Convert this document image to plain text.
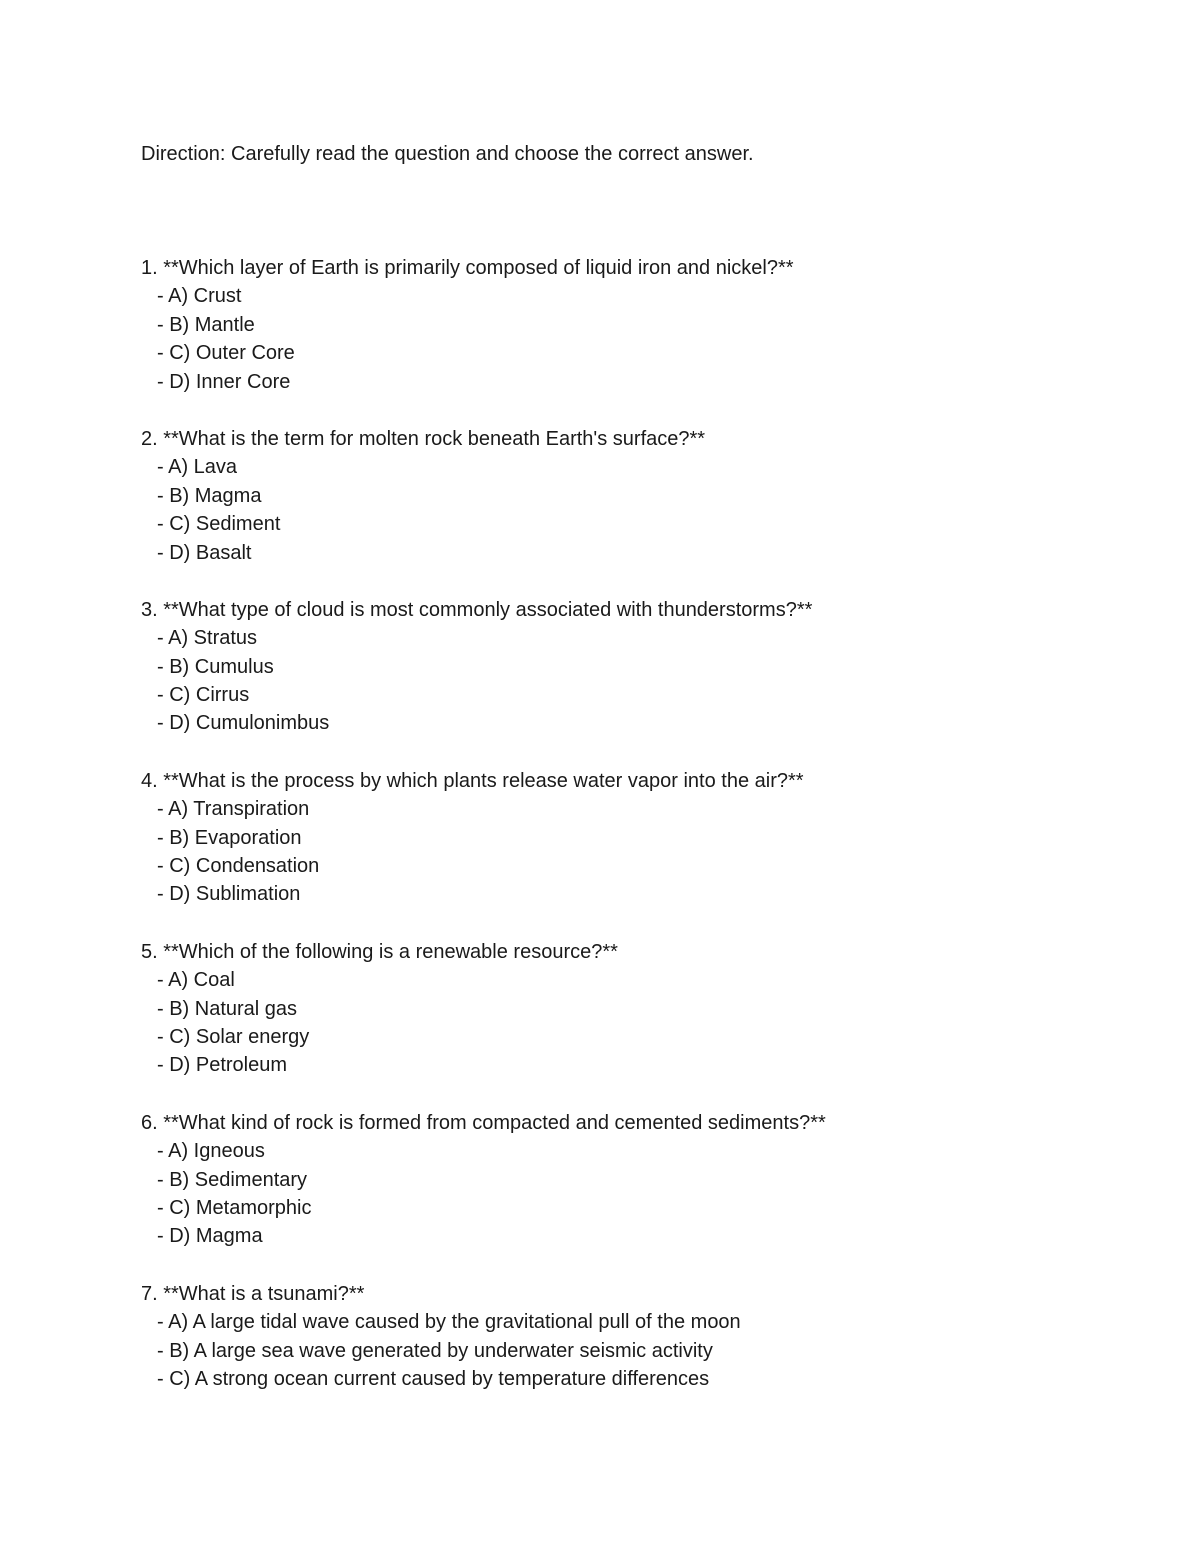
Direction: Carefully read the question and choose the correct answer.
1. **Which layer of Earth is primarily composed of liquid iron and nickel?**
- A) Crust
- B) Mantle
- C) Outer Core
- D) Inner Core
2. **What is the term for molten rock beneath Earth's surface?**
- A) Lava
- B) Magma
- C) Sediment
- D) Basalt
3. **What type of cloud is most commonly associated with thunderstorms?**
- A) Stratus
- B) Cumulus
- C) Cirrus
- D) Cumulonimbus
4. **What is the process by which plants release water vapor into the air?**
- A) Transpiration
- B) Evaporation
- C) Condensation
- D) Sublimation
5. **Which of the following is a renewable resource?**
- A) Coal
- B) Natural gas
- C) Solar energy
- D) Petroleum
6. **What kind of rock is formed from compacted and cemented sediments?**
- A) Igneous
- B) Sedimentary
- C) Metamorphic
- D) Magma
7. **What is a tsunami?**
- A) A large tidal wave caused by the gravitational pull of the moon
- B) A large sea wave generated by underwater seismic activity
- C) A strong ocean current caused by temperature differences
